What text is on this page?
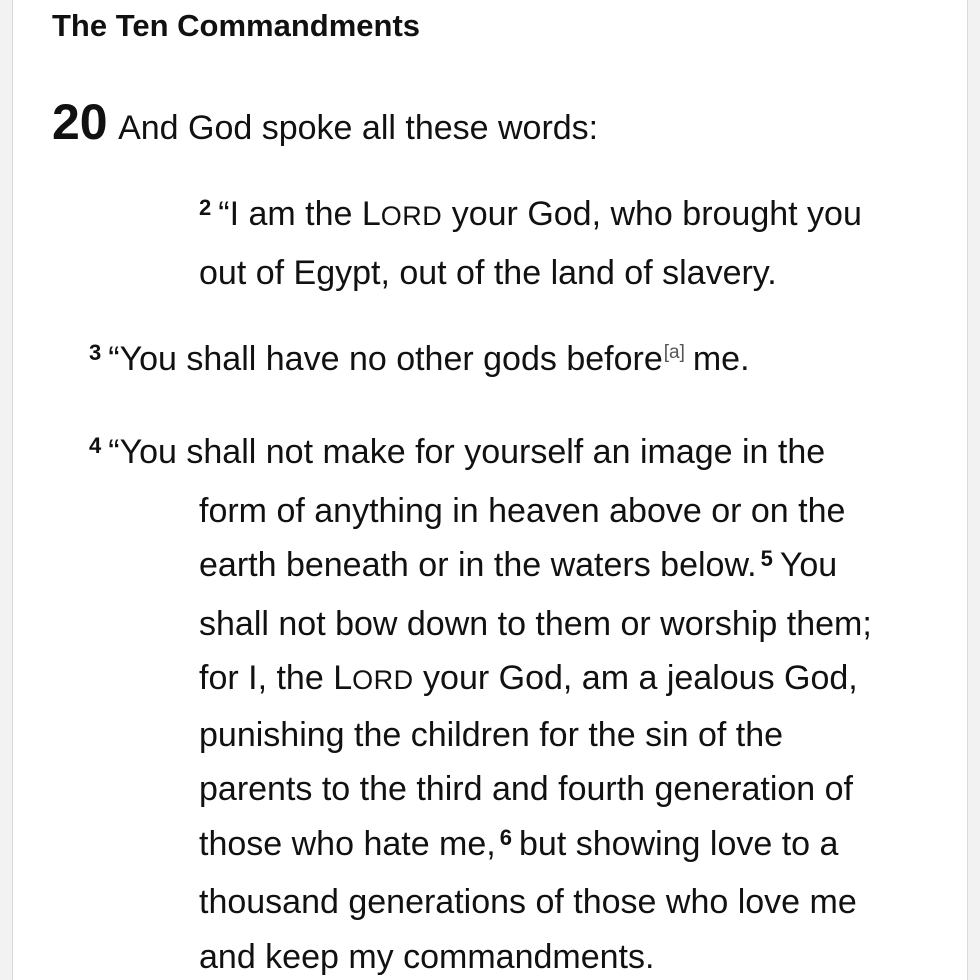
The Ten Commandments
20 And God spoke all these words:
$^2$ “I am the LORD your God, who brought you
out of Egypt, out of the land of slavery.
$^3$ “You shall have no other gods before[a] me.
$^4$ “You shall not make for yourself an image in the
form of anything in heaven above or on the
earth beneath or in the waters below. $^5$ You
shall not bow down to them or worship them;
for I, the LORD your God, am a jealous God,
punishing the children for the sin of the
parents to the third and fourth generation of
those who hate me, $^6$ but showing love to a
thousand generations of those who love me
and keep my commandments.
